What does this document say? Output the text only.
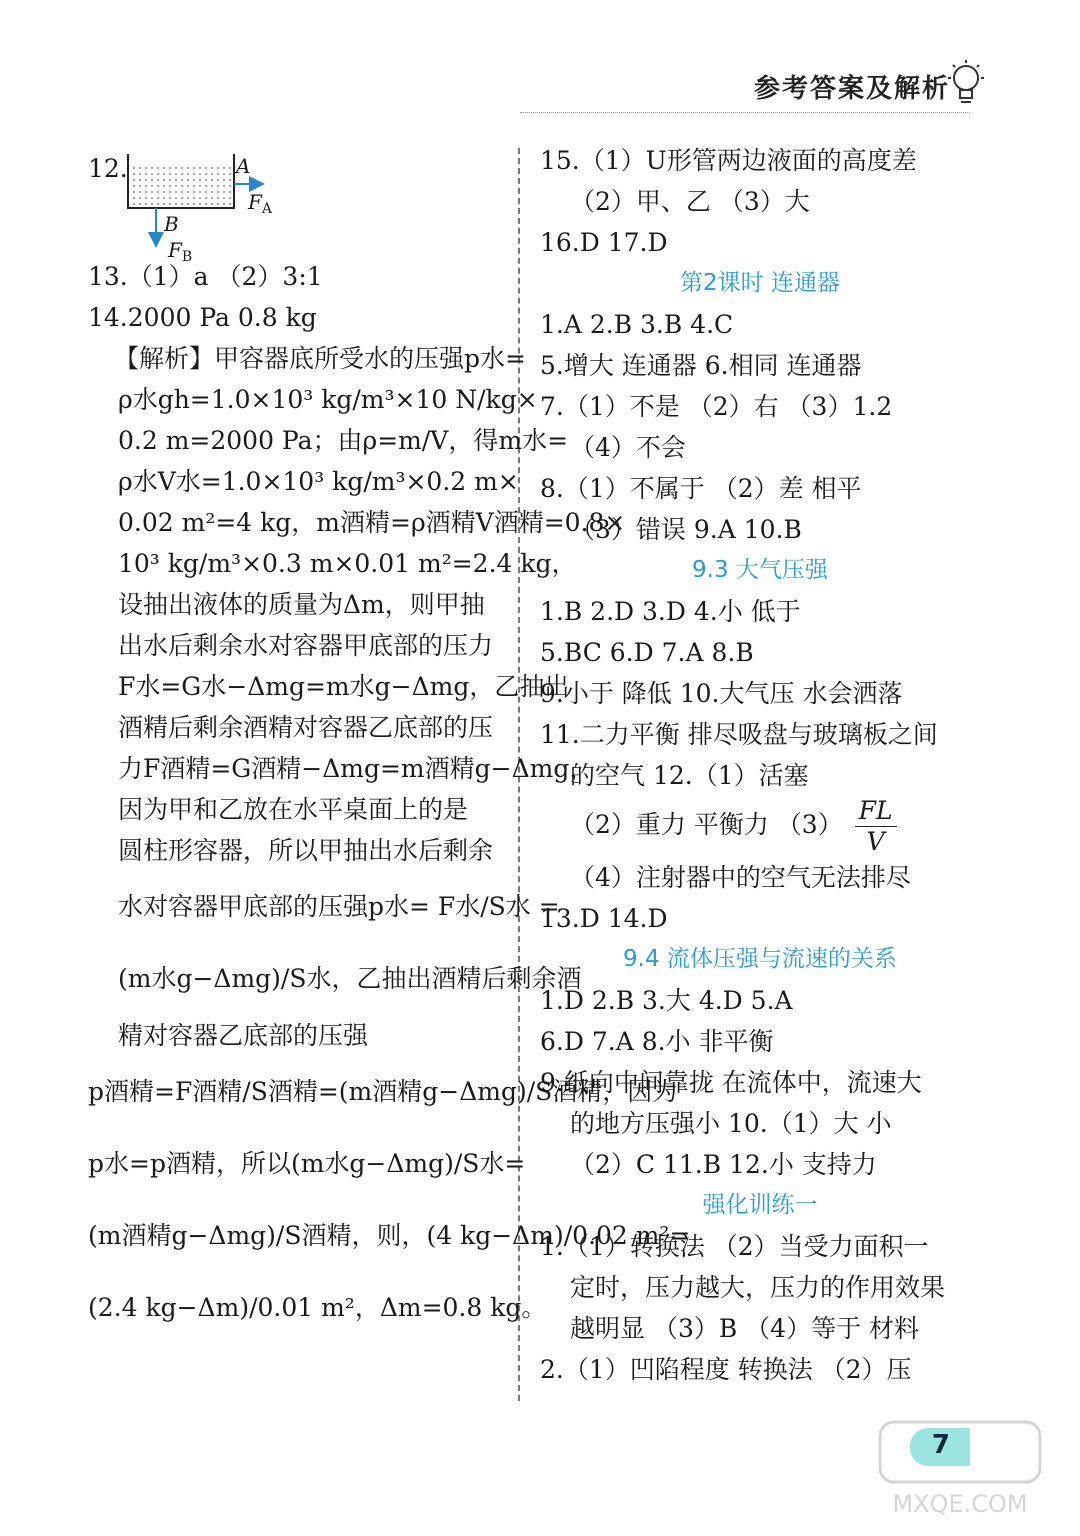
参考答案及解析
12.	A
$F_A$
B
$F_B$
13.（1）a （2）3:1
14.2000 Pa 0.8 kg
【解析】甲容器底所受水的压强p水=
ρ水gh=1.0×10³ kg/m³×10 N/kg×
0.2 m=2000 Pa；由ρ=m/V，得m水=
ρ水V水=1.0×10³ kg/m³×0.2 m×
0.02 m²=4 kg，m酒精=ρ酒精V酒精=0.8×
10³ kg/m³×0.3 m×0.01 m²=2.4 kg，
设抽出液体的质量为Δm，则甲抽
出水后剩余水对容器甲底部的压力
F水=G水−Δmg=m水g−Δmg，乙抽出
酒精后剩余酒精对容器乙底部的压
力F酒精=G酒精−Δmg=m酒精g−Δmg，
因为甲和乙放在水平桌面上的是
圆柱形容器，所以甲抽出水后剩余
水对容器甲底部的压强p水= F水/S水 =
(m水g−Δmg)/S水，乙抽出酒精后剩余酒
精对容器乙底部的压强
p酒精=F酒精/S酒精=(m酒精g−Δmg)/S酒精，因为
p水=p酒精，所以(m水g−Δmg)/S水=
(m酒精g−Δmg)/S酒精，则，(4 kg−Δm)/0.02 m²=
(2.4 kg−Δm)/0.01 m²，Δm=0.8 kg。
15.（1）U形管两边液面的高度差
（2）甲、乙 （3）大
16.D 17.D
第2课时 连通器
1.A 2.B 3.B 4.C
5.增大 连通器 6.相同 连通器
7.（1）不是 （2）右 （3）1.2
（4）不会
8.（1）不属于 （2）差 相平
（3）错误 9.A 10.B
9.3 大气压强
1.B 2.D 3.D 4.小 低于
5.BC 6.D 7.A 8.B
9.小于 降低 10.大气压 水会洒落
11.二力平衡 排尽吸盘与玻璃板之间
的空气 12.（1）活塞
（2）重力 平衡力 $(3) \frac{FL}{V}$
（4）注射器中的空气无法排尽
13.D 14.D
9.4 流体压强与流速的关系
1.D 2.B 3.大 4.D 5.A
6.D 7.A 8.小 非平衡
9.纸向中间靠拢 在流体中，流速大
的地方压强小 10.（1）大 小
（2）C 11.B 12.小 支持力
强化训练一
1.（1）转换法 （2）当受力面积一
定时，压力越大，压力的作用效果
越明显 （3）B （4）等于 材料
2.（1）凹陷程度 转换法 （2）压
7
MXQE.COM
